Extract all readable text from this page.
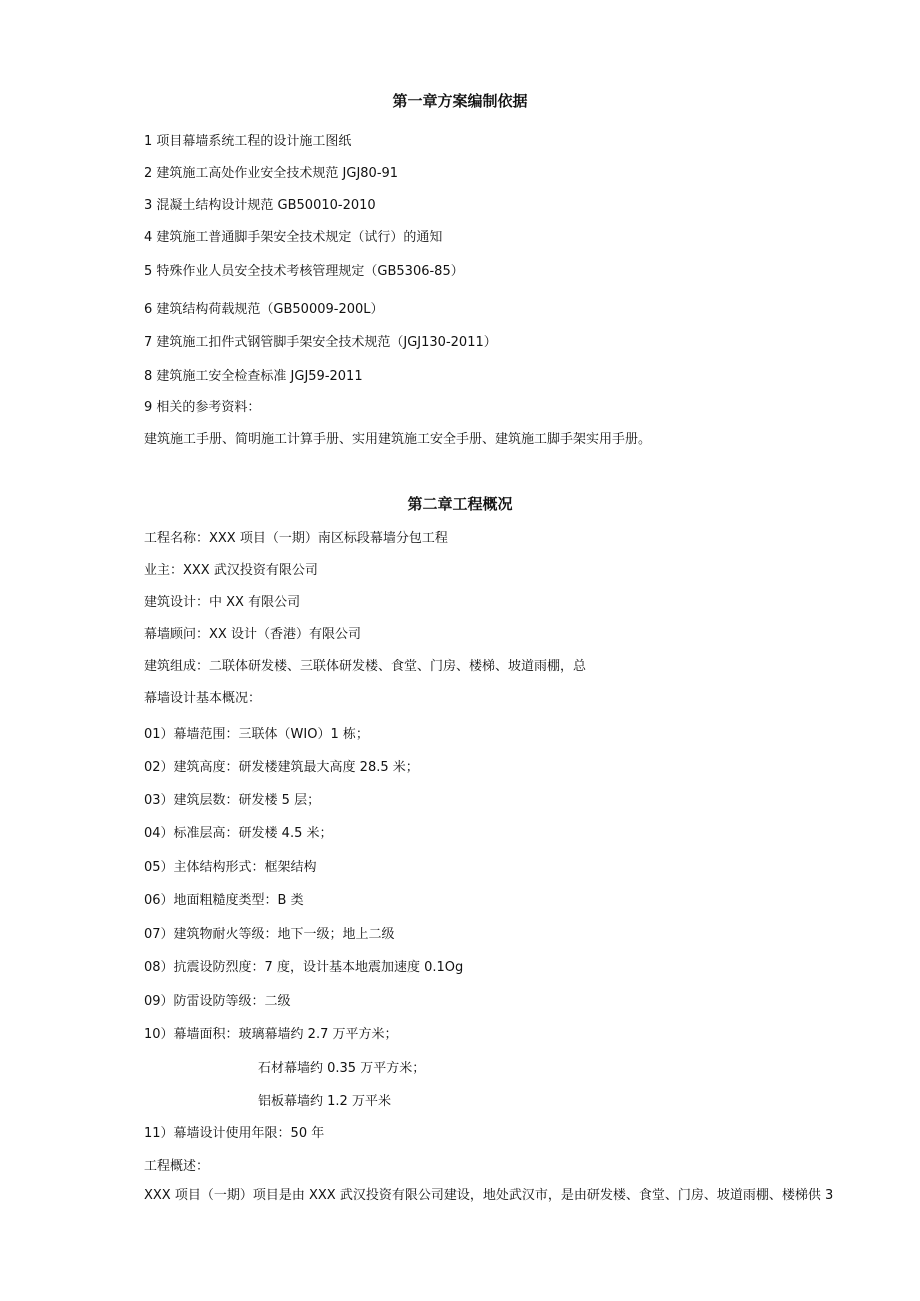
第一章方案编制依据
1 项目幕墙系统工程的设计施工图纸
2 建筑施工高处作业安全技术规范 JGJ80-91
3 混凝土结构设计规范 GB50010-2010
4 建筑施工普通脚手架安全技术规定（试行）的通知
5 特殊作业人员安全技术考核管理规定（GB5306-85）
6 建筑结构荷载规范（GB50009-200L）
7 建筑施工扣件式钢管脚手架安全技术规范（JGJ130-2011）
8 建筑施工安全检查标准 JGJ59-2011
9 相关的参考资料：
建筑施工手册、简明施工计算手册、实用建筑施工安全手册、建筑施工脚手架实用手册。
第二章工程概况
工程名称：XXX 项目（一期）南区标段幕墙分包工程
业主：XXX 武汉投资有限公司
建筑设计：中 XX 有限公司
幕墙顾问：XX 设计（香港）有限公司
建筑组成：二联体研发楼、三联体研发楼、食堂、门房、楼梯、坡道雨棚，总
幕墙设计基本概况：
01）幕墙范围：三联体（WIO）1 栋；
02）建筑高度：研发楼建筑最大高度 28.5 米；
03）建筑层数：研发楼 5 层；
04）标准层高：研发楼 4.5 米；
05）主体结构形式：框架结构
06）地面粗糙度类型：B 类
07）建筑物耐火等级：地下一级；地上二级
08）抗震设防烈度：7 度，设计基本地震加速度 0.1Og
09）防雷设防等级：二级
10）幕墙面积：玻璃幕墙约 2.7 万平方米；
石材幕墙约 0.35 万平方米；
铝板幕墙约 1.2 万平米
11）幕墙设计使用年限：50 年
工程概述：
XXX 项目（一期）项目是由 XXX 武汉投资有限公司建设，地处武汉市，是由研发楼、食堂、门房、坡道雨棚、楼梯供 3
